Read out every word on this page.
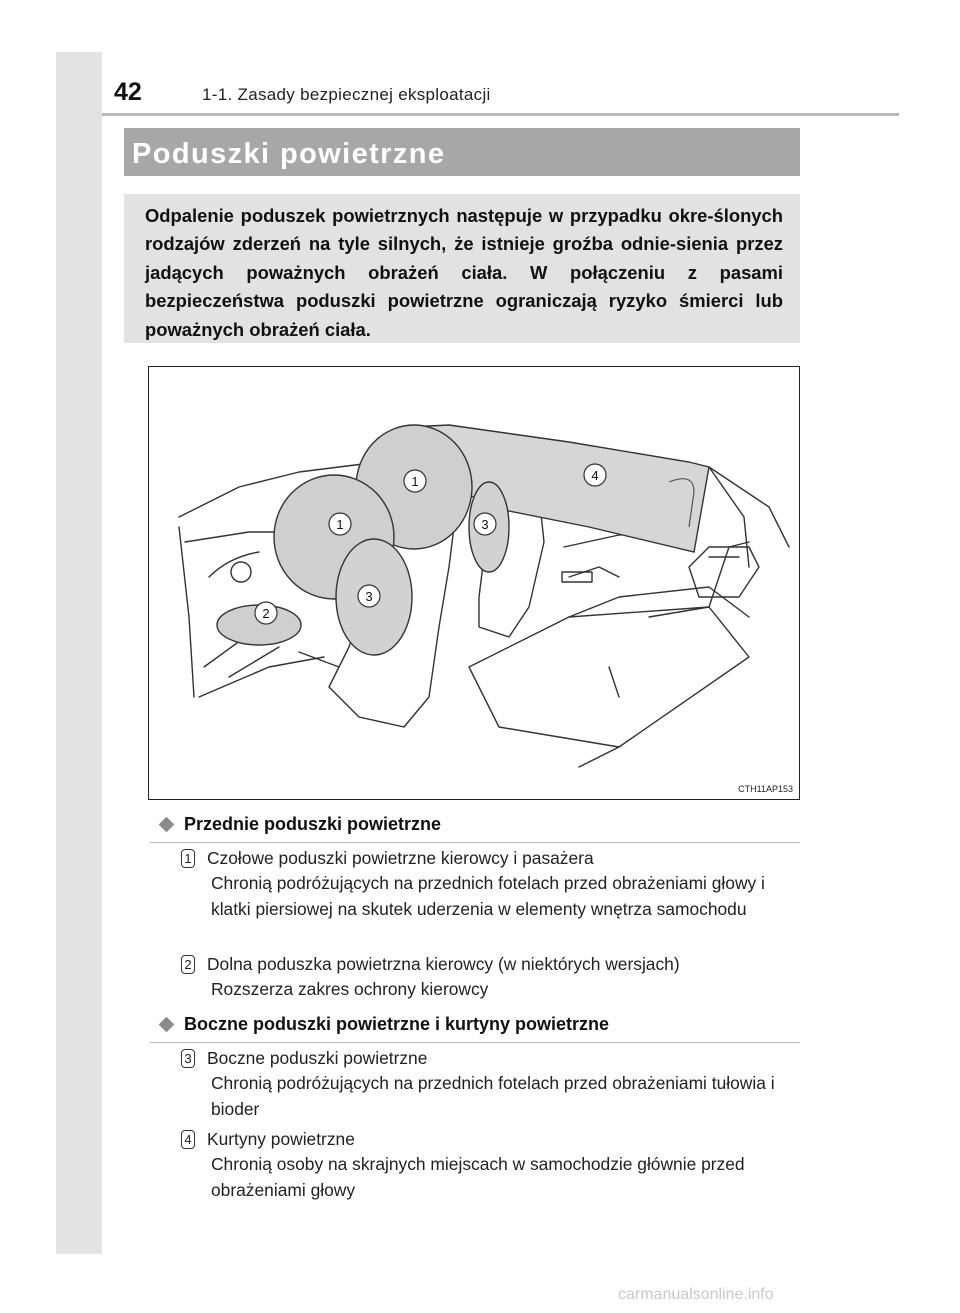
42	1-1. Zasady bezpiecznej eksploatacji
Poduszki powietrzne

Odpalenie poduszek powietrznych następuje w przypadku okre-ślonych rodzajów zderzeń na tyle silnych, że istnieje groźba odnie-sienia przez jadących poważnych obrażeń ciała. W połączeniu z pasami bezpieczeństwa poduszki powietrzne ograniczają ryzyko śmierci lub poważnych obrażeń ciała.

1
1
2
3
3
4
CTH11AP153
Przednie poduszki powietrzne
1 Czołowe poduszki powietrzne kierowcy i pasażera
Chronią podróżujących na przednich fotelach przed obrażeniami głowy i klatki piersiowej na skutek uderzenia w elementy wnętrza samochodu
2 Dolna poduszka powietrzna kierowcy (w niektórych wersjach)
Rozszerza zakres ochrony kierowcy
Boczne poduszki powietrzne i kurtyny powietrzne
3 Boczne poduszki powietrzne
Chronią podróżujących na przednich fotelach przed obrażeniami tułowia i bioder
4 Kurtyny powietrzne
Chronią osoby na skrajnych miejscach w samochodzie głównie przed obrażeniami głowy
carmanualsonline.info
